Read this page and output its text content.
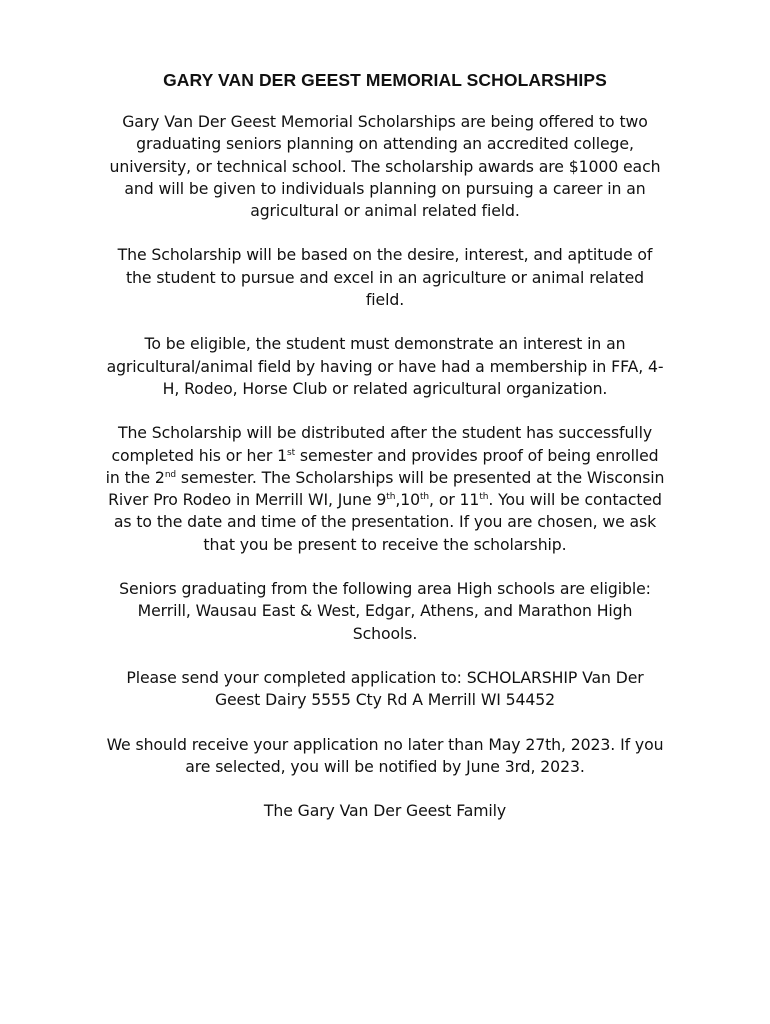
GARY VAN DER GEEST MEMORIAL SCHOLARSHIPS

Gary Van Der Geest Memorial Scholarships are being offered to two graduating seniors planning on attending an accredited college, university, or technical school. The scholarship awards are $1000 each and will be given to individuals planning on pursuing a career in an agricultural or animal related field.

The Scholarship will be based on the desire, interest, and aptitude of the student to pursue and excel in an agriculture or animal related field.

To be eligible, the student must demonstrate an interest in an agricultural/animal field by having or have had a membership in FFA, 4-H, Rodeo, Horse Club or related agricultural organization.

The Scholarship will be distributed after the student has successfully completed his or her 1st semester and provides proof of being enrolled in the 2nd semester. The Scholarships will be presented at the Wisconsin River Pro Rodeo in Merrill WI, June 9th,10th, or 11th. You will be contacted as to the date and time of the presentation. If you are chosen, we ask that you be present to receive the scholarship.

Seniors graduating from the following area High schools are eligible: Merrill, Wausau East & West, Edgar, Athens, and Marathon High Schools.

Please send your completed application to: SCHOLARSHIP Van Der Geest Dairy 5555 Cty Rd A Merrill WI 54452

We should receive your application no later than May 27th, 2023. If you are selected, you will be notified by June 3rd, 2023.

The Gary Van Der Geest Family
